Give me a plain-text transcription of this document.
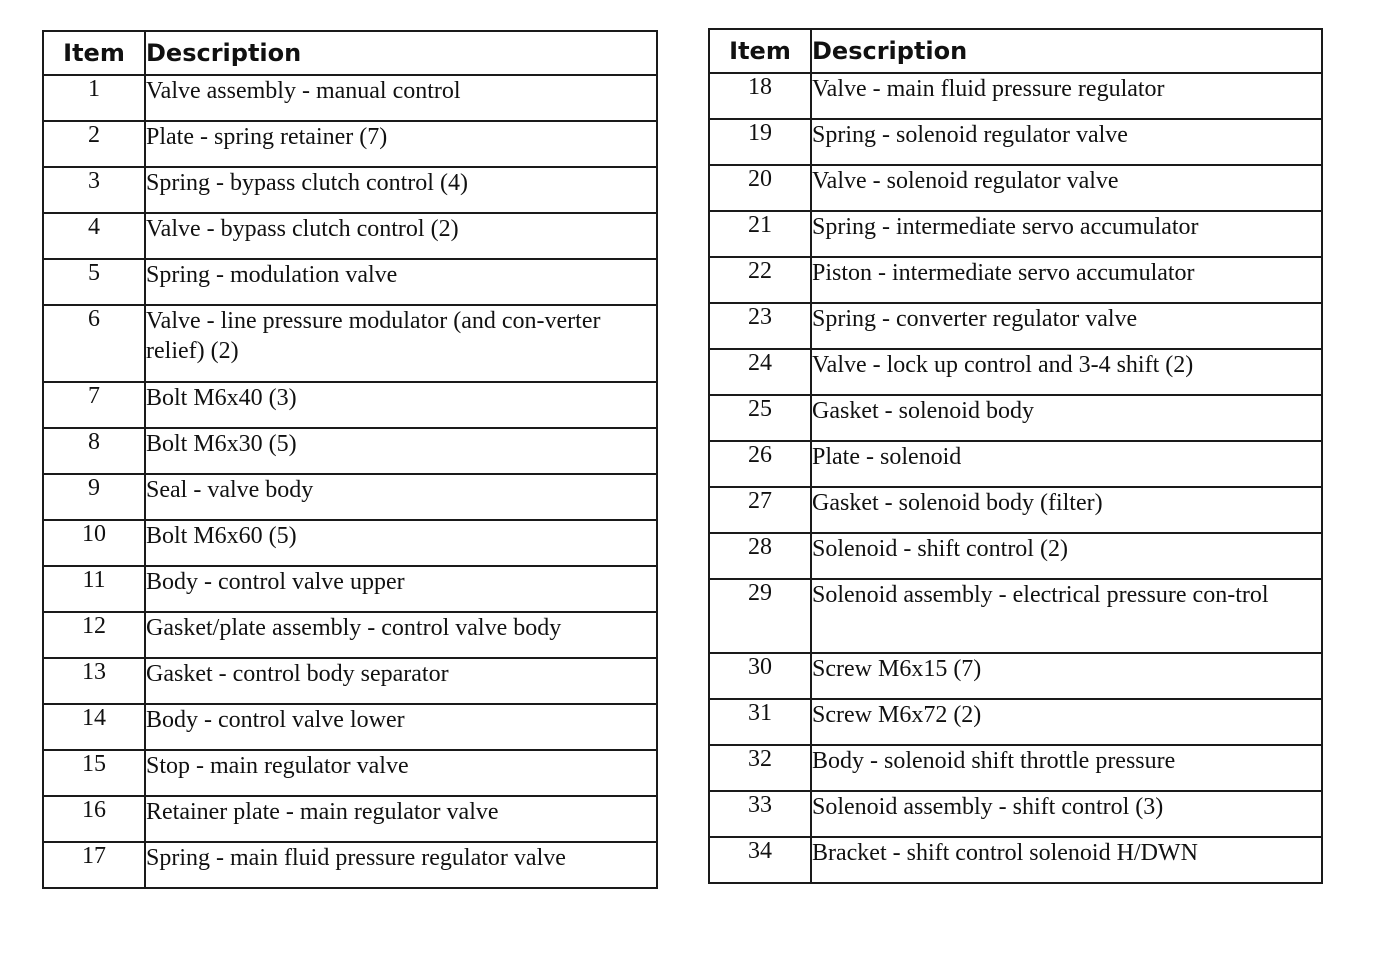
Item	Description
1	Valve assembly - manual control
2	Plate - spring retainer (7)
3	Spring - bypass clutch control (4)
4	Valve - bypass clutch control (2)
5	Spring - modulation valve
6	Valve - line pressure modulator (and con-verter relief) (2)
7	Bolt M6x40 (3)
8	Bolt M6x30 (5)
9	Seal - valve body
10	Bolt M6x60 (5)
11	Body - control valve upper
12	Gasket/plate assembly - control valve body
13	Gasket - control body separator
14	Body - control valve lower
15	Stop - main regulator valve
16	Retainer plate - main regulator valve
17	Spring - main fluid pressure regulator valve
Item	Description
18	Valve - main fluid pressure regulator
19	Spring - solenoid regulator valve
20	Valve - solenoid regulator valve
21	Spring - intermediate servo accumulator
22	Piston - intermediate servo accumulator
23	Spring - converter regulator valve
24	Valve - lock up control and 3-4 shift (2)
25	Gasket - solenoid body
26	Plate - solenoid
27	Gasket - solenoid body (filter)
28	Solenoid - shift control (2)
29	Solenoid assembly - electrical pressure con-trol
30	Screw M6x15 (7)
31	Screw M6x72 (2)
32	Body - solenoid shift throttle pressure
33	Solenoid assembly - shift control (3)
34	Bracket - shift control solenoid H/DWN
